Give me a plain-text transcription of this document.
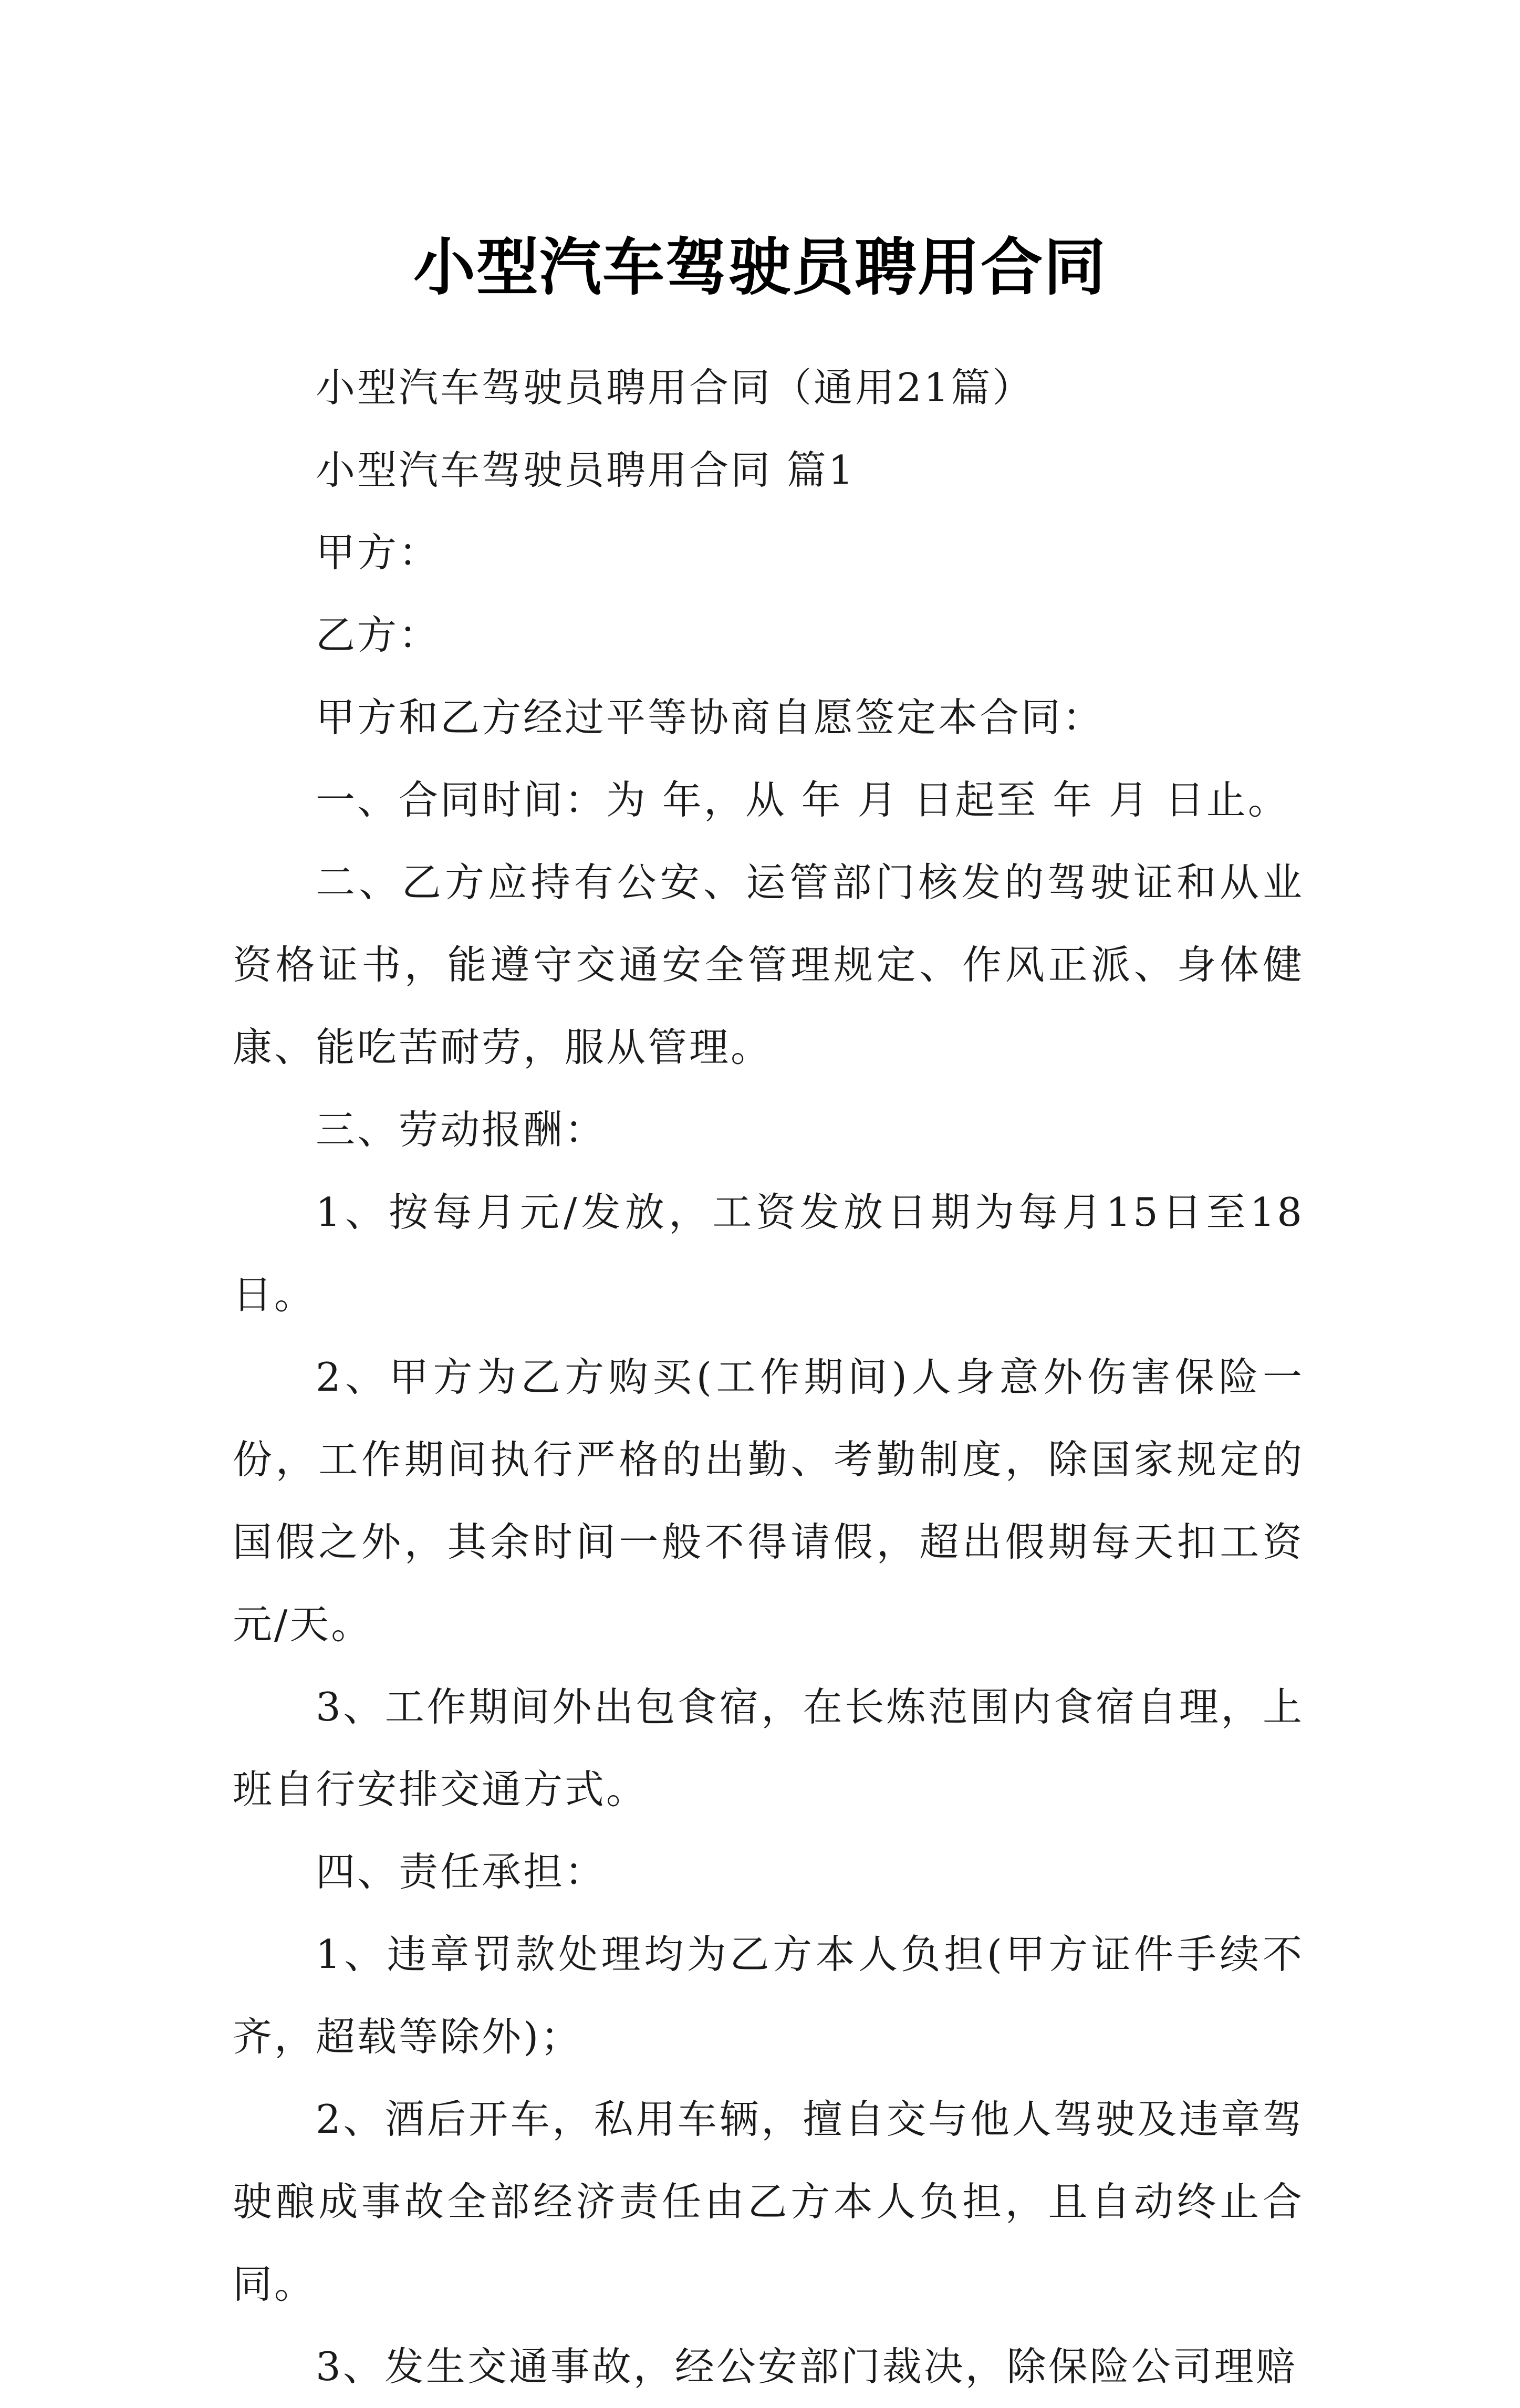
小型汽车驾驶员聘用合同

小型汽车驾驶员聘用合同（通用21篇）

小型汽车驾驶员聘用合同 篇1

甲方：

乙方：

甲方和乙方经过平等协商自愿签定本合同：

一、合同时间：为 年，从 年 月 日起至 年 月 日止。

二、乙方应持有公安、运管部门核发的驾驶证和从业资格证书，能遵守交通安全管理规定、作风正派、身体健康、能吃苦耐劳，服从管理。

三、劳动报酬：

1、按每月元/发放，工资发放日期为每月15日至18日。

2、甲方为乙方购买(工作期间)人身意外伤害保险一份，工作期间执行严格的出勤、考勤制度，除国家规定的国假之外，其余时间一般不得请假，超出假期每天扣工资元/天。

3、工作期间外出包食宿，在长炼范围内食宿自理，上班自行安排交通方式。

四、责任承担：

1、违章罚款处理均为乙方本人负担(甲方证件手续不齐，超载等除外)；

2、酒后开车，私用车辆，擅自交与他人驾驶及违章驾驶酿成事故全部经济责任由乙方本人负担，且自动终止合同。

3、发生交通事故，经公安部门裁决，除保险公司理赔
